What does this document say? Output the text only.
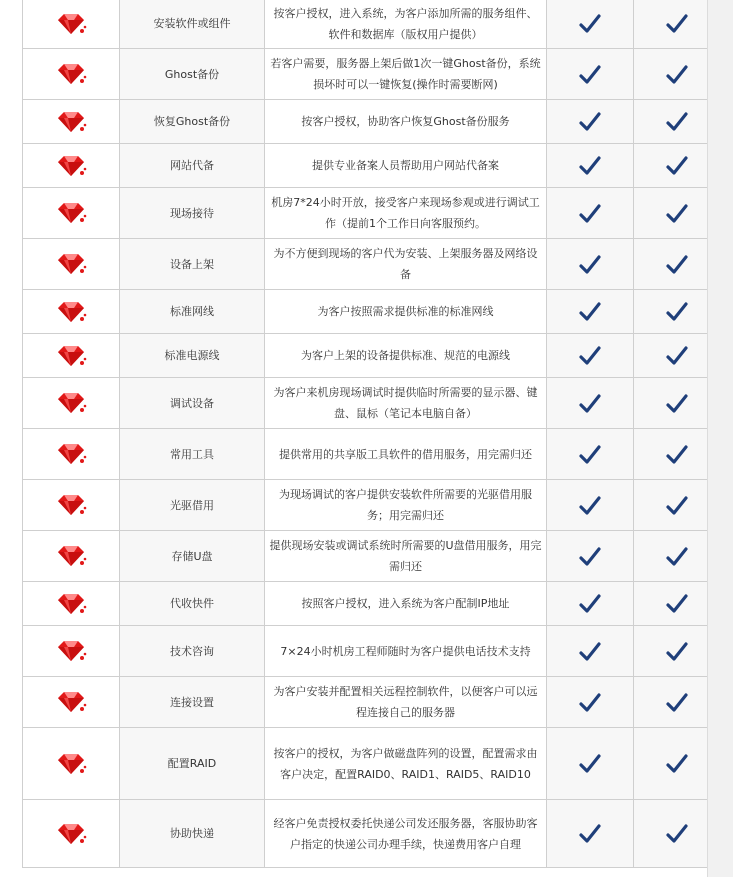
	安装软件或组件	按客户授权，进入系统，为客户添加所需的服务组件、软件和数据库（版权用户提供）		
	Ghost备份	若客户需要，服务器上架后做1次一键Ghost备份，系统损坏时可以一键恢复(操作时需要断网)		
	恢复Ghost备份	按客户授权，协助客户恢复Ghost备份服务		
	网站代备	提供专业备案人员帮助用户网站代备案		
	现场接待	机房7*24小时开放，接受客户来现场参观或进行调试工作（提前1个工作日向客服预约。		
	设备上架	为不方便到现场的客户代为安装、上架服务器及网络设备		
	标准网线	为客户按照需求提供标准的标准网线		
	标准电源线	为客户上架的设备提供标准、规范的电源线		
	调试设备	为客户来机房现场调试时提供临时所需要的显示器、键盘、鼠标（笔记本电脑自备）		
	常用工具	提供常用的共享版工具软件的借用服务，用完需归还		
	光驱借用	为现场调试的客户提供安装软件所需要的光驱借用服务；用完需归还		
	存储U盘	提供现场安装或调试系统时所需要的U盘借用服务，用完需归还		
	代收快件	按照客户授权，进入系统为客户配制IP地址		
	技术咨询	7×24小时机房工程师随时为客户提供电话技术支持		
	连接设置	为客户安装并配置相关远程控制软件，以便客户可以远程连接自己的服务器		
	配置RAID	按客户的授权，为客户做磁盘阵列的设置，配置需求由客户决定，配置RAID0、RAID1、RAID5、RAID10		
	协助快递	经客户免责授权委托快递公司发还服务器，客服协助客户指定的快递公司办理手续，快递费用客户自理		
